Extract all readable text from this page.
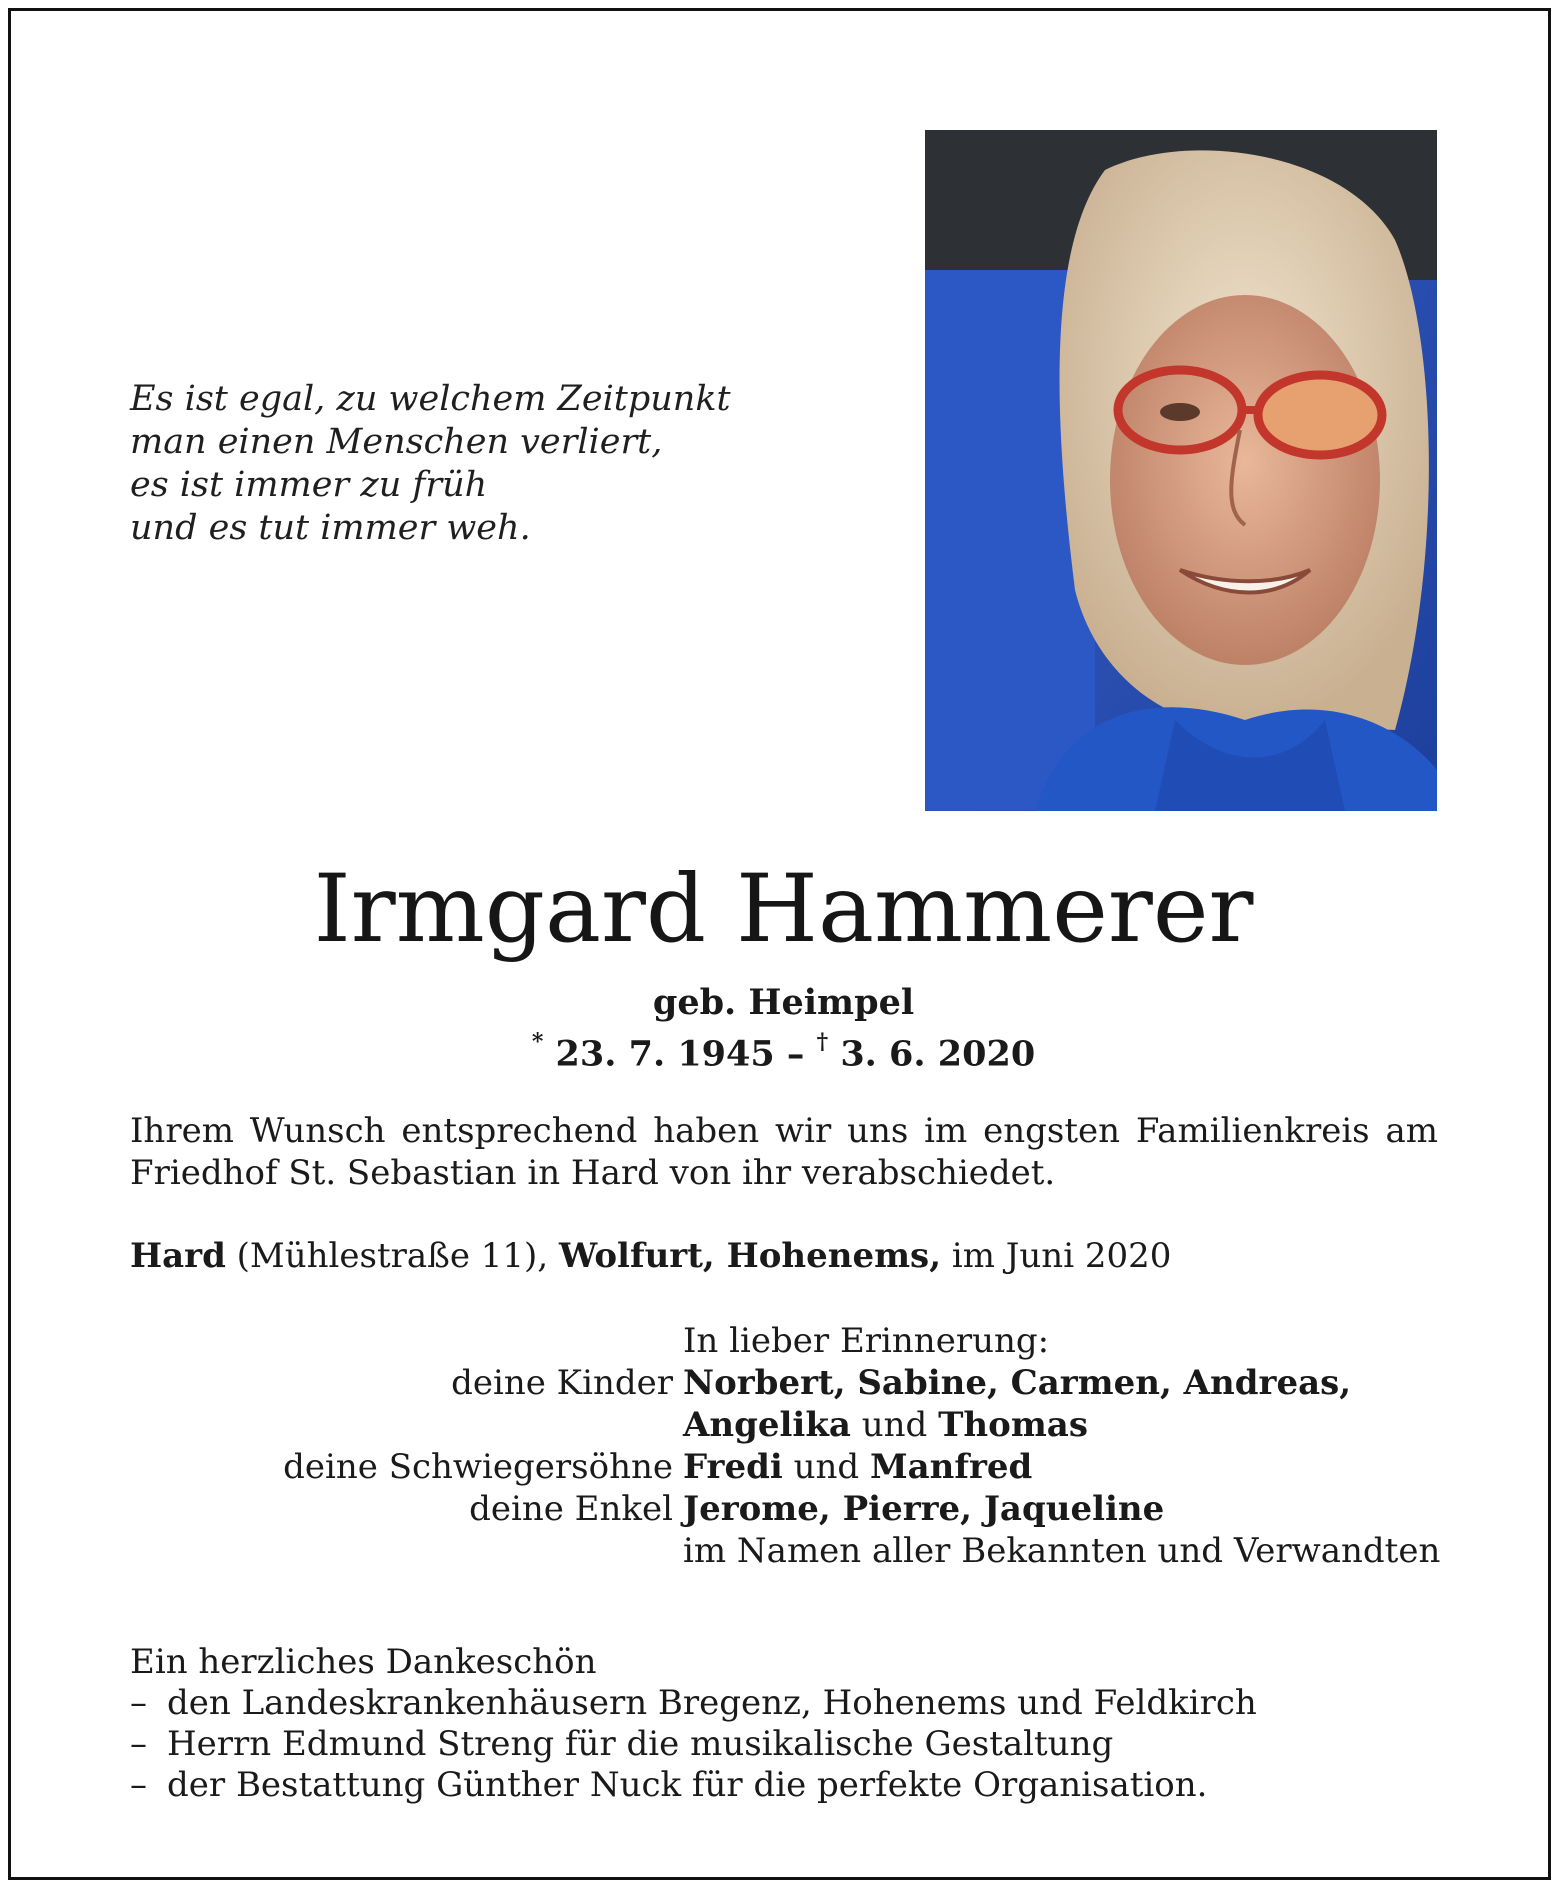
Es ist egal, zu welchem Zeitpunkt
man einen Menschen verliert,
es ist immer zu früh
und es tut immer weh.
Irmgard Hammerer
geb. Heimpel
* 23. 7. 1945 – † 3. 6. 2020
Ihrem Wunsch entsprechend haben wir uns im engsten Familienkreis am
Friedhof St. Sebastian in Hard von ihr verabschiedet.
Hard (Mühlestraße 11), Wolfurt, Hohenems, im Juni 2020
In lieber Erinnerung:
deine Kinder Norbert, Sabine, Carmen, Andreas,
Angelika und Thomas
deine Schwiegersöhne Fredi und Manfred
deine Enkel Jerome, Pierre, Jaqueline
im Namen aller Bekannten und Verwandten
Ein herzliches Dankeschön
– den Landeskrankenhäusern Bregenz, Hohenems und Feldkirch
– Herrn Edmund Streng für die musikalische Gestaltung
– der Bestattung Günther Nuck für die perfekte Organisation.
